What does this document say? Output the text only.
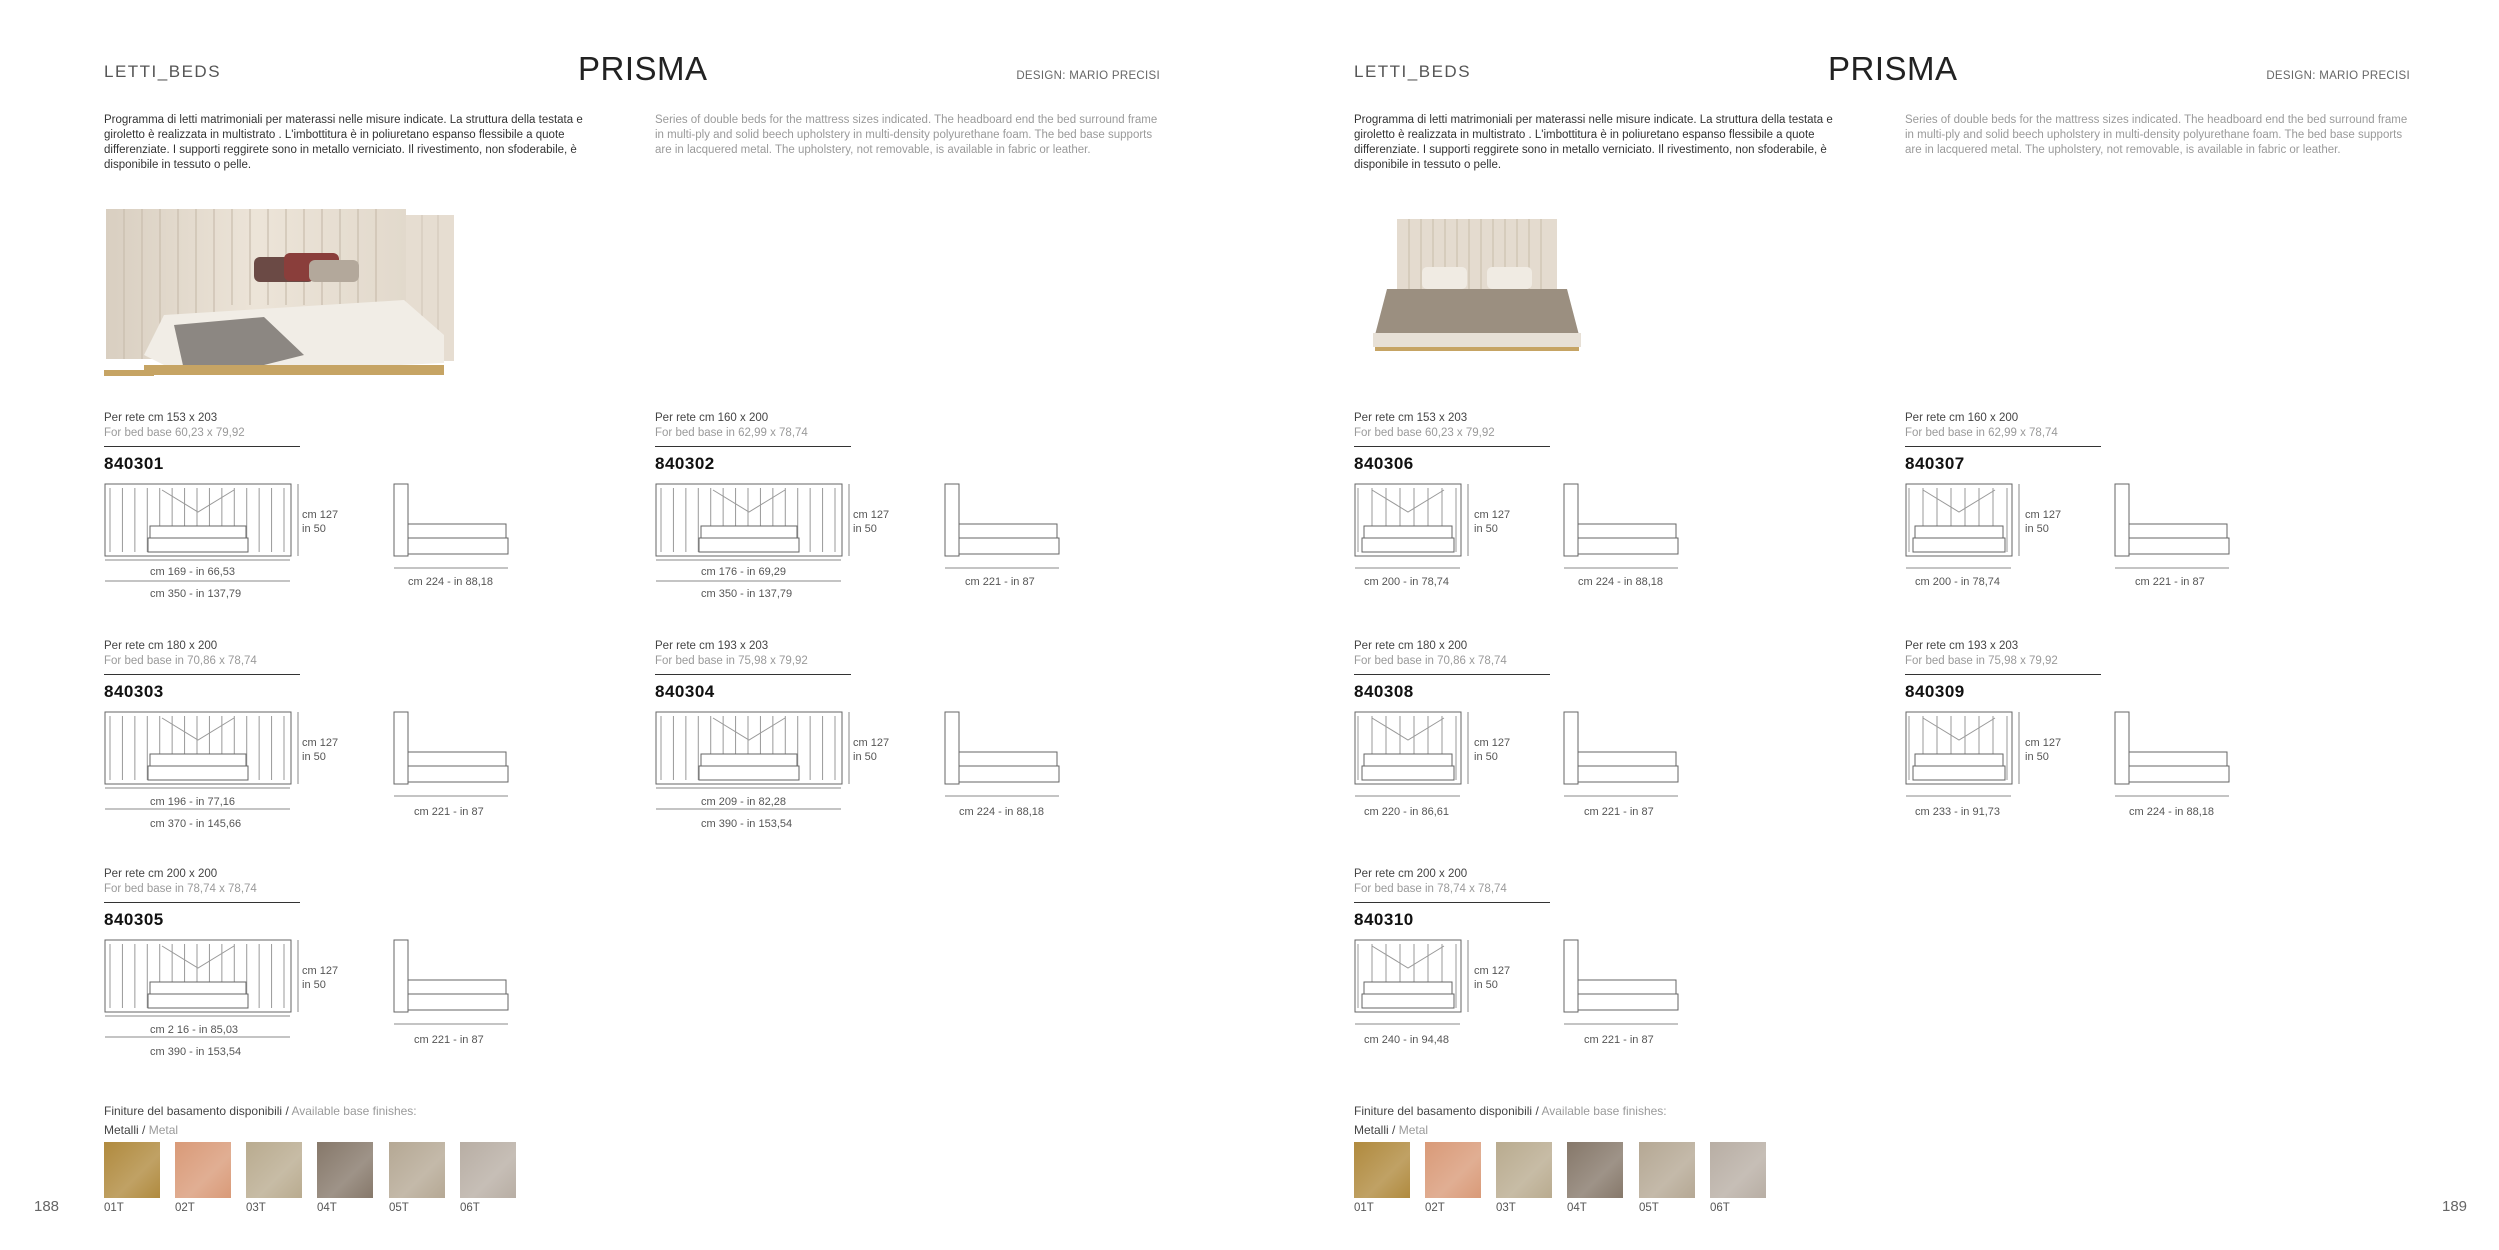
LETTI_BEDS	PRISMA	DESIGN: MARIO PRECISI
Programma di letti matrimoniali per materassi nelle misure indicate. La struttura della testata e giroletto è realizzata in multistrato . L'imbottitura è in poliuretano espanso flessibile a quote differenziate. I supporti reggirete sono in metallo verniciato. Il rivestimento, non sfoderabile, è disponibile in tessuto o pelle.
Series of double beds for the mattress sizes indicated. The headboard end the bed surround frame in multi-ply and solid beech upholstery in multi-density polyurethane foam. The bed base supports are in lacquered metal. The upholstery, not removable, is available in fabric or leather.
Per rete cm 153 x 203
For bed base 60,23 x 79,92
840301
cm 127
in 50
cm 169 - in 66,53
cm 350 - in 137,79
cm 224 - in 88,18
Per rete cm 160 x 200
For bed base in 62,99 x 78,74
840302
cm 127
in 50
cm 176 - in 69,29
cm 350 - in 137,79
cm 221 - in 87
Per rete cm 180 x 200
For bed base in 70,86 x 78,74
840303
cm 127
in 50
cm 196 - in 77,16
cm 370 - in 145,66
cm 221 - in 87
Per rete cm 193 x 203
For bed base in 75,98 x 79,92
840304
cm 127
in 50
cm 209 - in 82,28
cm 390 - in 153,54
cm 224 - in 88,18
Per rete cm 200 x 200
For bed base in 78,74 x 78,74
840305
cm 127
in 50
cm 2 16 - in 85,03
cm 390 - in 153,54
cm 221 - in 87
Finiture del basamento disponibili / Available base finishes:
Metalli / Metal
01T	02T	03T	04T	05T	06T
188
LETTI_BEDS	PRISMA	DESIGN: MARIO PRECISI
Programma di letti matrimoniali per materassi nelle misure indicate. La struttura della testata e giroletto è realizzata in multistrato . L'imbottitura è in poliuretano espanso flessibile a quote differenziate. I supporti reggirete sono in metallo verniciato. Il rivestimento, non sfoderabile, è disponibile in tessuto o pelle.
Series of double beds for the mattress sizes indicated. The headboard end the bed surround frame in multi-ply and solid beech upholstery in multi-density polyurethane foam. The bed base supports are in lacquered metal. The upholstery, not removable, is available in fabric or leather.
Per rete cm 153 x 203
For bed base 60,23 x 79,92
840306
cm 127
in 50
cm 200 - in 78,74	cm 224 - in 88,18
Per rete cm 160 x 200
For bed base in 62,99 x 78,74
840307
cm 127
in 50
cm 200 - in 78,74	cm 221 - in 87
Per rete cm 180 x 200
For bed base in 70,86 x 78,74
840308
cm 127
in 50
cm 220 - in 86,61	cm 221 - in 87
Per rete cm 193 x 203
For bed base in 75,98 x 79,92
840309
cm 127
in 50
cm 233 - in 91,73	cm 224 - in 88,18
Per rete cm 200 x 200
For bed base in 78,74 x 78,74
840310
cm 127
in 50
cm 240 - in 94,48	cm 221 - in 87
Finiture del basamento disponibili / Available base finishes:
Metalli / Metal
01T	02T	03T	04T	05T	06T	189
